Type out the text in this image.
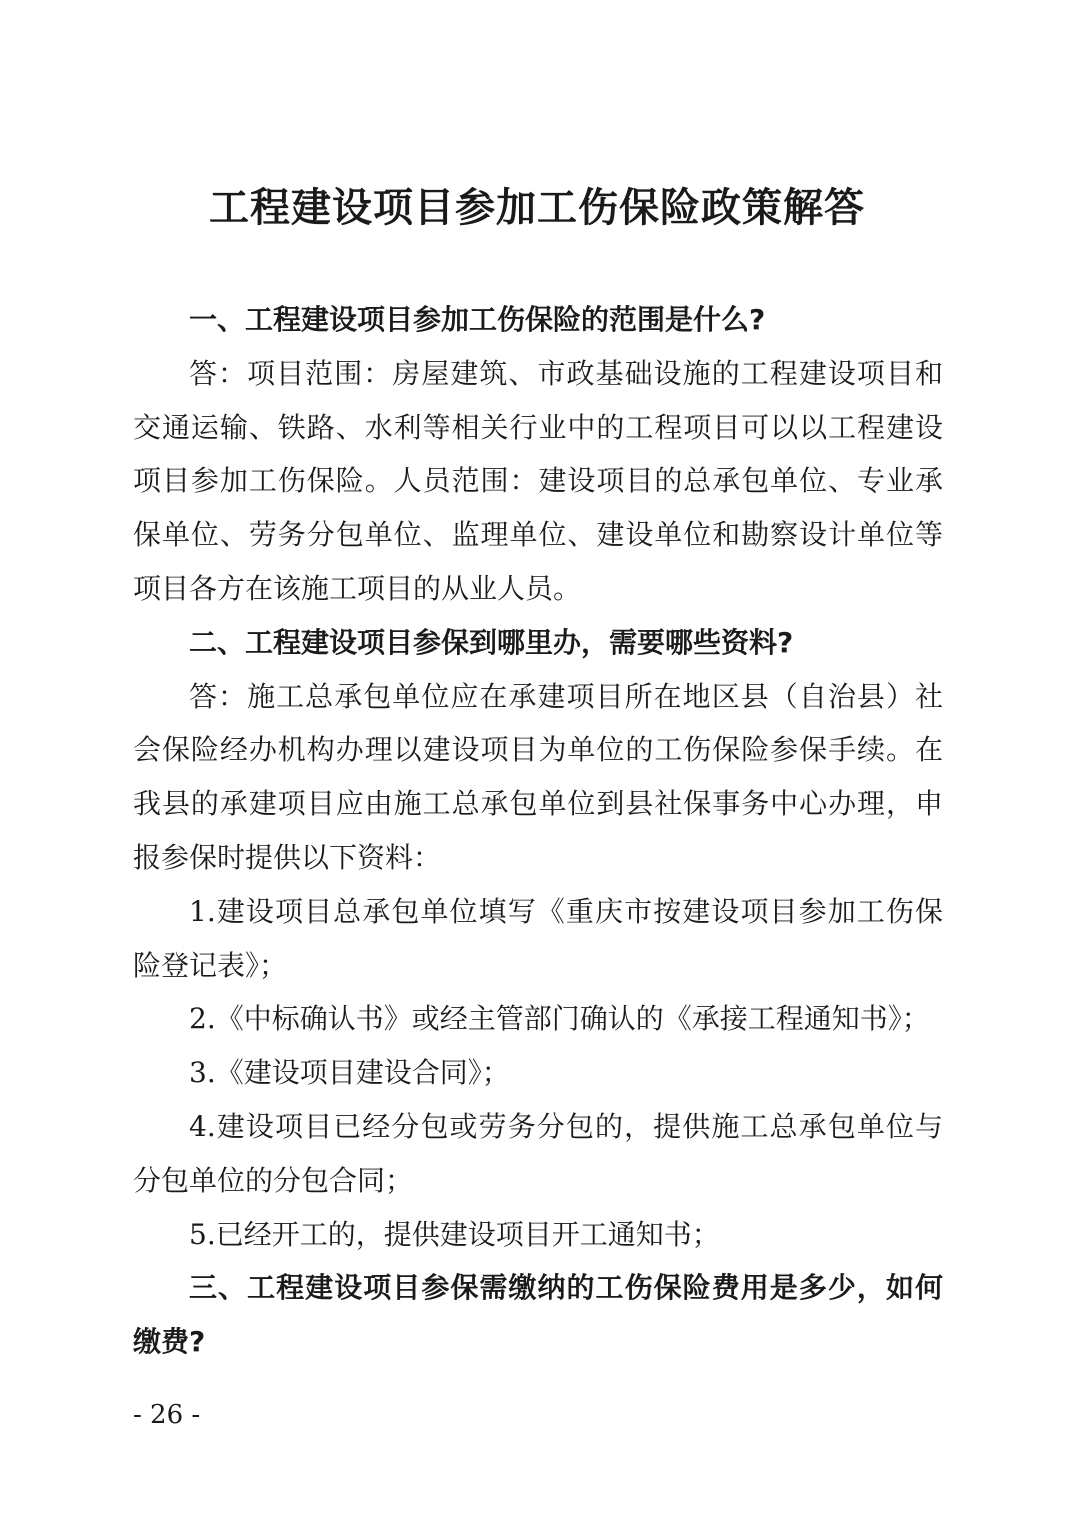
工程建设项目参加工伤保险政策解答

一、工程建设项目参加工伤保险的范围是什么?

答：项目范围：房屋建筑、市政基础设施的工程建设项目和交通运输、铁路、水利等相关行业中的工程项目可以以工程建设项目参加工伤保险。人员范围：建设项目的总承包单位、专业承保单位、劳务分包单位、监理单位、建设单位和勘察设计单位等项目各方在该施工项目的从业人员。

二、工程建设项目参保到哪里办，需要哪些资料?

答：施工总承包单位应在承建项目所在地区县（自治县）社会保险经办机构办理以建设项目为单位的工伤保险参保手续。在我县的承建项目应由施工总承包单位到县社保事务中心办理，申报参保时提供以下资料：

1.建设项目总承包单位填写《重庆市按建设项目参加工伤保险登记表》；

2.《中标确认书》或经主管部门确认的《承接工程通知书》；

3.《建设项目建设合同》；

4.建设项目已经分包或劳务分包的，提供施工总承包单位与分包单位的分包合同；

5.已经开工的，提供建设项目开工通知书；

三、工程建设项目参保需缴纳的工伤保险费用是多少，如何缴费?

- 26 -
